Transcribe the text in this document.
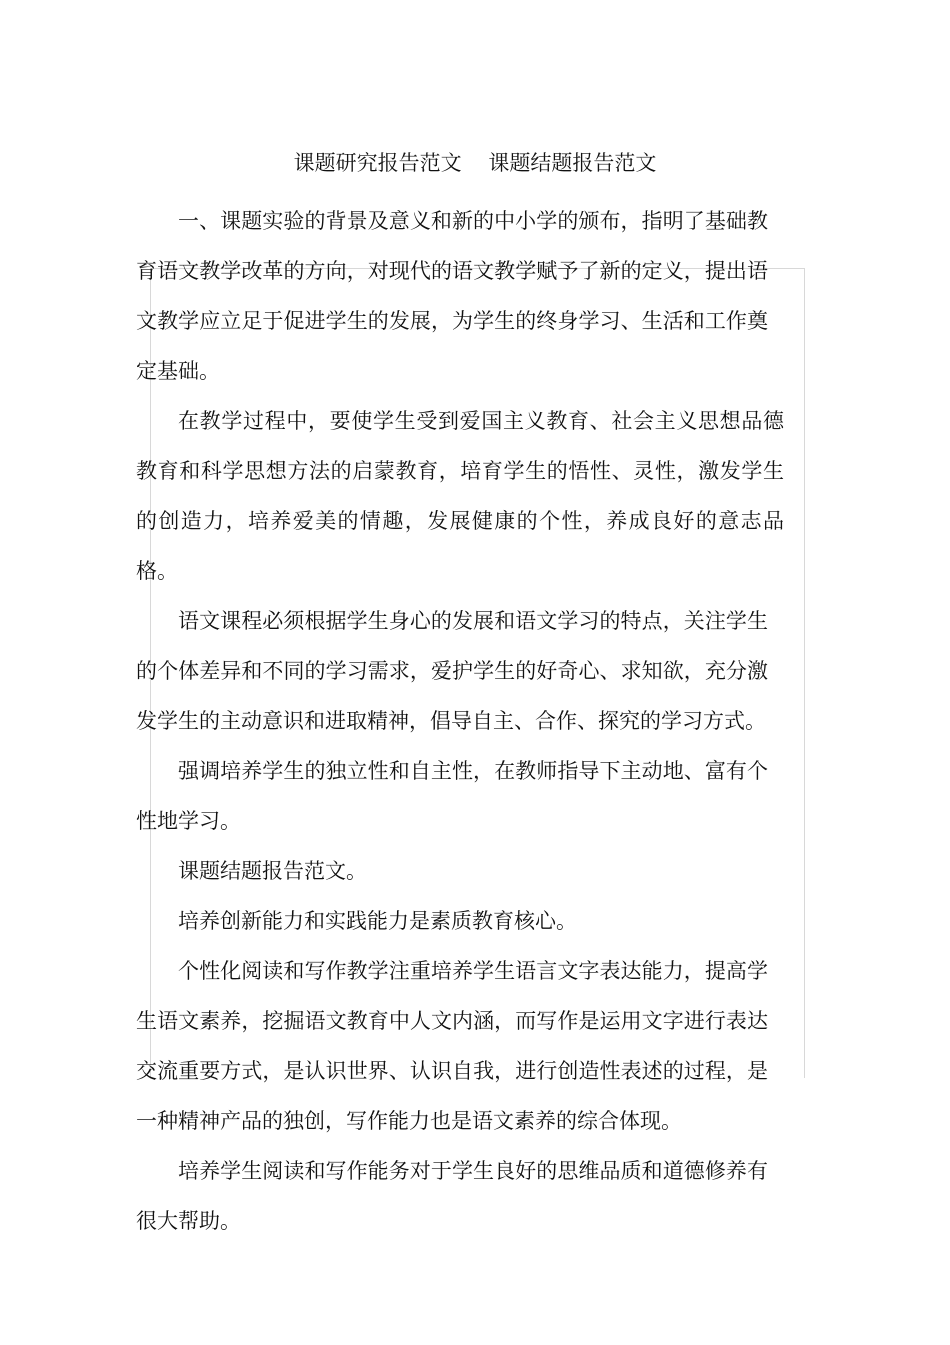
课题研究报告范文    课题结题报告范文

一、课题实验的背景及意义和新的中小学的颁布，指明了基础教育语文教学改革的方向，对现代的语文教学赋予了新的定义，提出语文教学应立足于促进学生的发展，为学生的终身学习、生活和工作奠定基础。

在教学过程中，要使学生受到爱国主义教育、社会主义思想品德教育和科学思想方法的启蒙教育，培育学生的悟性、灵性，激发学生的创造力，培养爱美的情趣，发展健康的个性，养成良好的意志品格。

语文课程必须根据学生身心的发展和语文学习的特点，关注学生的个体差异和不同的学习需求，爱护学生的好奇心、求知欲，充分激发学生的主动意识和进取精神，倡导自主、合作、探究的学习方式。

强调培养学生的独立性和自主性，在教师指导下主动地、富有个性地学习。

课题结题报告范文。

培养创新能力和实践能力是素质教育核心。

个性化阅读和写作教学注重培养学生语言文字表达能力，提高学生语文素养，挖掘语文教育中人文内涵，而写作是运用文字进行表达交流重要方式，是认识世界、认识自我，进行创造性表述的过程，是一种精神产品的独创，写作能力也是语文素养的综合体现。

培养学生阅读和写作能务对于学生良好的思维品质和道德修养有很大帮助。
